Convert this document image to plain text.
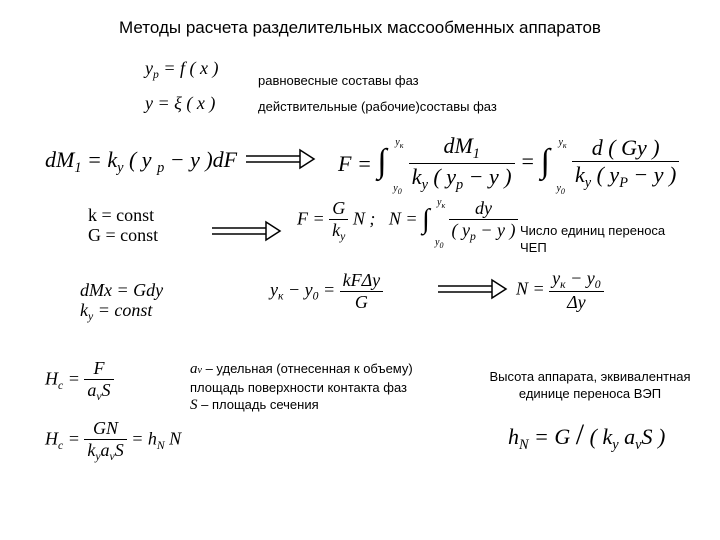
Методы расчета разделительных массообменных аппаратов
$y_p = f$ ( x )
равновесные составы фаз
y = ξ ( x )	действительные (рабочие)составы фаз
$dM_1 = k_y$ ( y $_p$ − y )dF	F = ∫
$y_к$
$y_0$
$\frac{dM_1}{k_y ( y_p - y )}$ = ∫
$y_к$
$y_0$
$\frac{d ( Gy )}{k_y ( y_P - y )}$
k = const
G = const
$F = \frac{G}{k_y}$ N ;   N = ∫
$y_к$
$y_0$

$\frac{dy}{( y_p - y )}$ Число единиц переноса
ЧЕП
dMx = Gdy
$k_y$ = const
$y_к - y_0 = \frac{\text{kFΔy}}{G}$	$N = \frac{y_к - y_0}{\Delta y}$
$H_c = \frac{F}{a_vS}$	av – удельная (отнесенная к объему)
площадь поверхности контакта фаз
S – площадь сечения
Высота аппарата, эквивалентная
единице переноса ВЭП
$H_c = \frac{GN}{k_ya_vS} = h_N$ N	$h_N = G$ / ( $k_y$ $a_vS$ )
